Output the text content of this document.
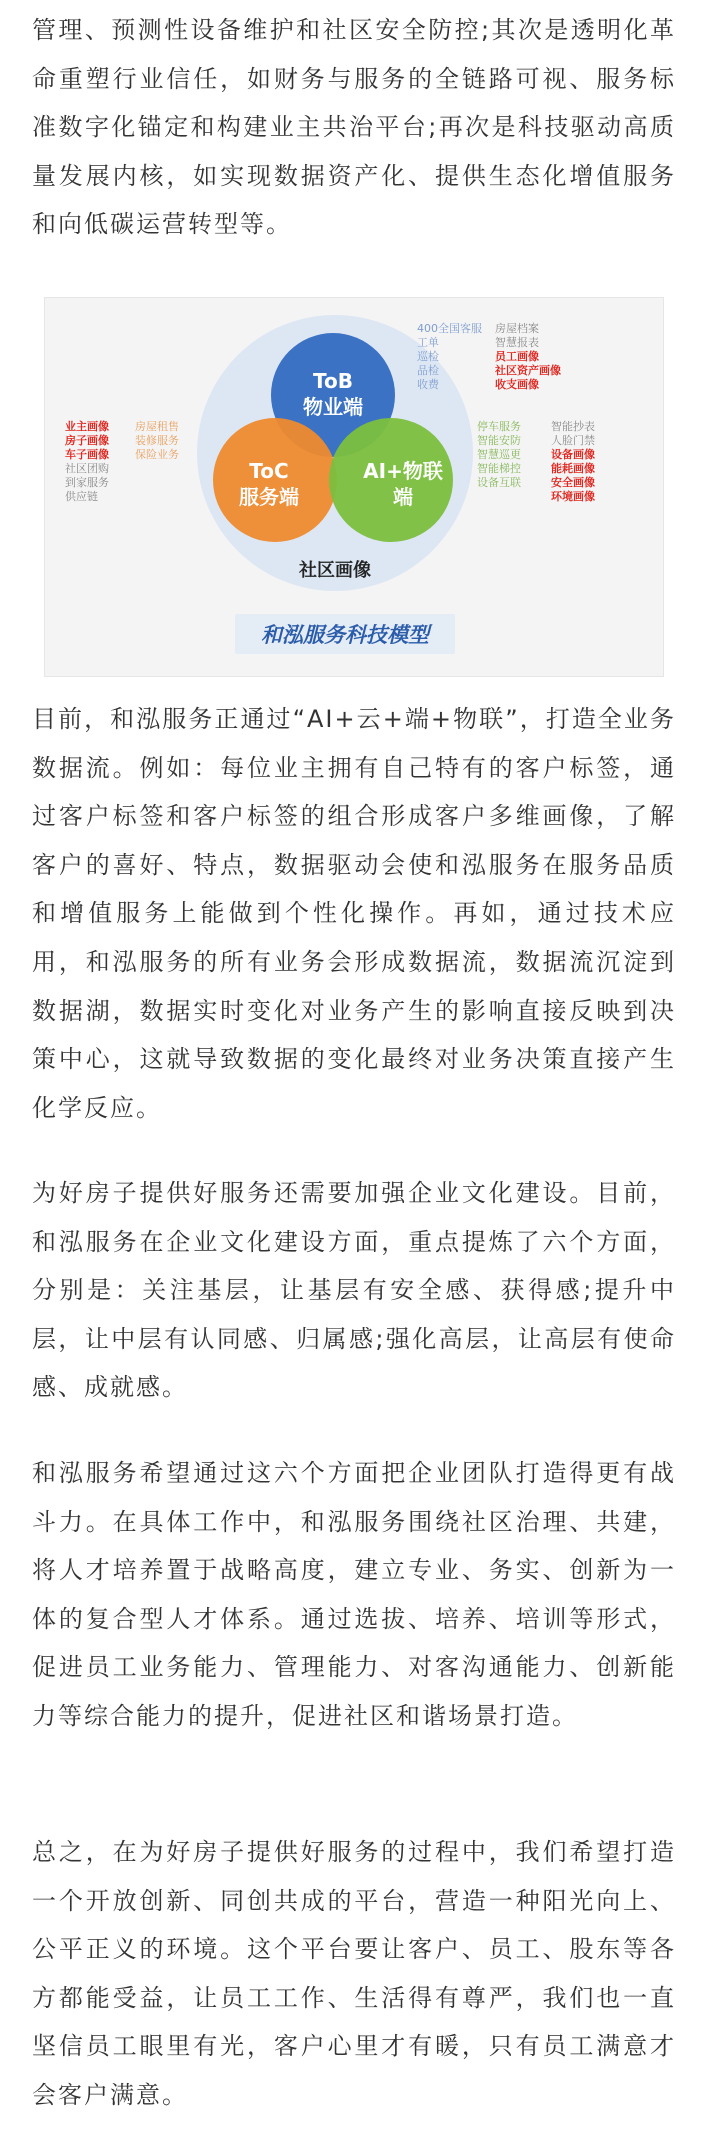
管理、预测性设备维护和社区安全防控;其次是透明化革命重塑行业信任，如财务与服务的全链路可视、服务标准数字化锚定和构建业主共治平台;再次是科技驱动高质量发展内核，如实现数据资产化、提供生态化增值服务和向低碳运营转型等。

社区画像
ToB
物业端
ToC
服务端
AI+物联
端
400全国客服
工单
巡检
品检
收费
房屋档案
智慧报表
员工画像
社区资产画像
收支画像
业主画像
房子画像
车子画像
社区团购
到家服务
供应链
房屋租售
装修服务
保险业务
停车服务
智能安防
智慧巡更
智能梯控
设备互联
智能抄表
人脸门禁
设备画像
能耗画像
安全画像
环境画像
和泓服务科技模型

目前，和泓服务正通过“AI+云+端+物联”，打造全业务数据流。例如：每位业主拥有自己特有的客户标签，通过客户标签和客户标签的组合形成客户多维画像，了解客户的喜好、特点，数据驱动会使和泓服务在服务品质和增值服务上能做到个性化操作。再如，通过技术应用，和泓服务的所有业务会形成数据流，数据流沉淀到数据湖，数据实时变化对业务产生的影响直接反映到决策中心，这就导致数据的变化最终对业务决策直接产生化学反应。

为好房子提供好服务还需要加强企业文化建设。目前，和泓服务在企业文化建设方面，重点提炼了六个方面，分别是：关注基层，让基层有安全感、获得感;提升中层，让中层有认同感、归属感;强化高层，让高层有使命感、成就感。

和泓服务希望通过这六个方面把企业团队打造得更有战斗力。在具体工作中，和泓服务围绕社区治理、共建，将人才培养置于战略高度，建立专业、务实、创新为一体的复合型人才体系。通过选拔、培养、培训等形式，促进员工业务能力、管理能力、对客沟通能力、创新能力等综合能力的提升，促进社区和谐场景打造。

总之，在为好房子提供好服务的过程中，我们希望打造一个开放创新、同创共成的平台，营造一种阳光向上、公平正义的环境。这个平台要让客户、员工、股东等各方都能受益，让员工工作、生活得有尊严，我们也一直坚信员工眼里有光，客户心里才有暖，只有员工满意才会客户满意。
